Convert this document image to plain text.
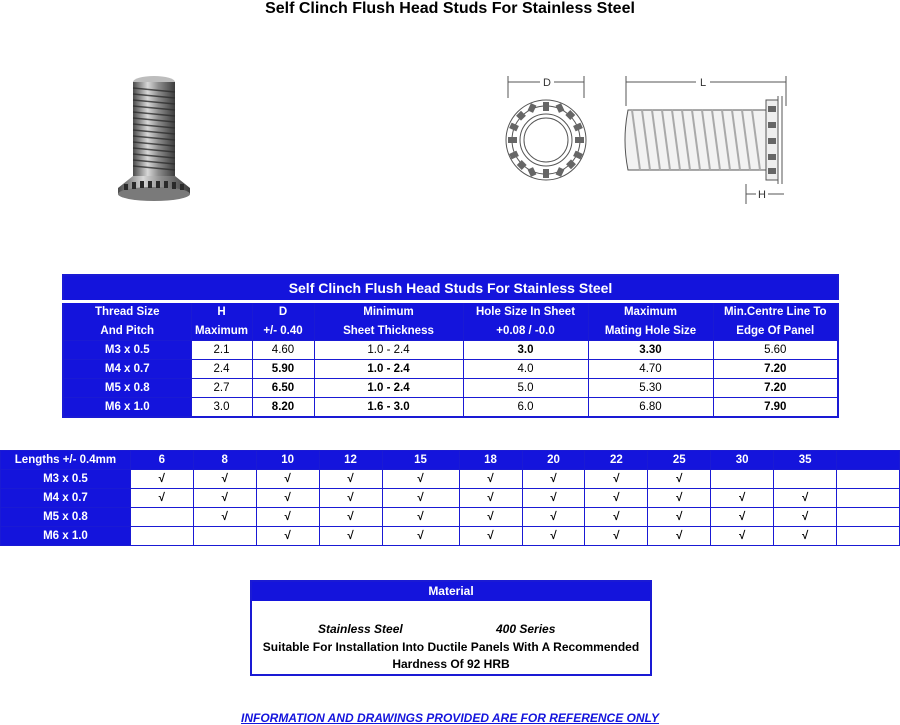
Self Clinch Flush Head Studs For Stainless Steel
D	L
H
Self Clinch Flush Head Studs For Stainless Steel						
Thread Size	H	D	Minimum	Hole Size In Sheet	Maximum	Min.Centre Line To
And Pitch	Maximum	+/- 0.40	Sheet Thickness	+0.08 / -0.0	Mating Hole Size	Edge Of Panel
M3 x 0.5	2.1	4.60	1.0 - 2.4	3.0	3.30	5.60
M4 x 0.7	2.4	5.90	1.0 - 2.4	4.0	4.70	7.20
M5 x 0.8	2.7	6.50	1.0 - 2.4	5.0	5.30	7.20
M6 x 1.0	3.0	8.20	1.6 - 3.0	6.0	6.80	7.90
Lengths +/- 0.4mm	6	8	10	12	15	18	20	22	25	30	35	
M3 x 0.5	√	√	√	√	√	√	√	√	√			
M4 x 0.7	√	√	√	√	√	√	√	√	√	√	√	
M5 x 0.8		√	√	√	√	√	√	√	√	√	√	
M6 x 1.0			√	√	√	√	√	√	√	√	√	
Material
Stainless Steel	400 Series
Suitable For Installation Into Ductile Panels With A Recommended
Hardness Of 92 HRB
INFORMATION AND DRAWINGS PROVIDED ARE FOR REFERENCE ONLY
